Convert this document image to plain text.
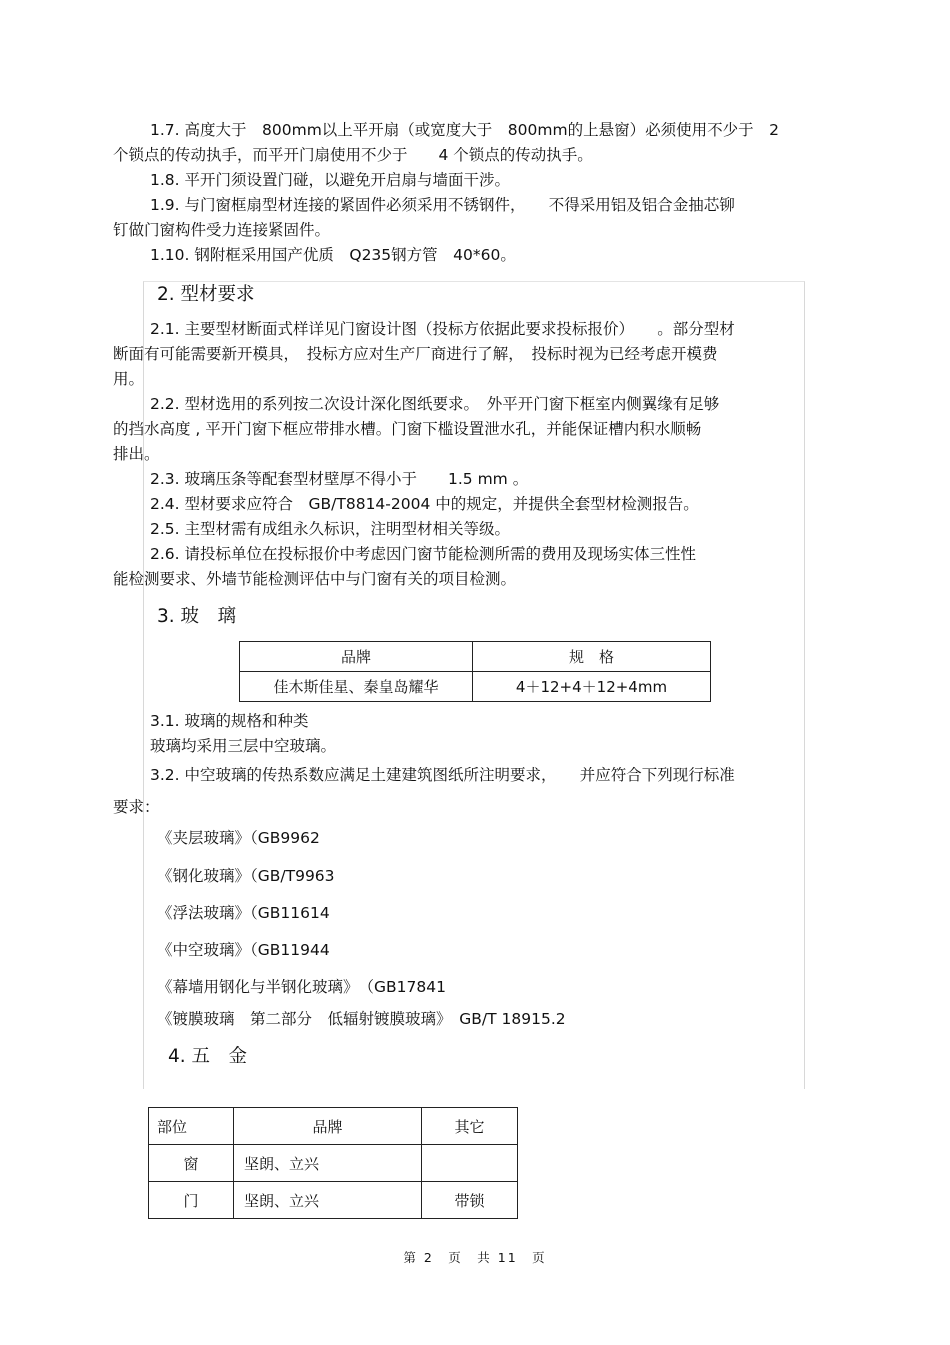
1.7. 高度大于　800mm以上平开扇（或宽度大于　800mm的上悬窗）必须使用不少于　2
个锁点的传动执手，而平开门扇使用不少于　　4 个锁点的传动执手。
1.8. 平开门须设置门碰，以避免开启扇与墙面干涉。
1.9. 与门窗框扇型材连接的紧固件必须采用不锈钢件，　　不得采用铝及铝合金抽芯铆
钉做门窗构件受力连接紧固件。
1.10. 钢附框采用国产优质　Q235钢方管　40*60。
2. 型材要求
2.1. 主要型材断面式样详见门窗设计图（投标方依据此要求投标报价）　　。部分型材
断面有可能需要新开模具，　投标方应对生产厂商进行了解，　投标时视为已经考虑开模费
用。
2.2. 型材选用的系列按二次设计深化图纸要求。　外平开门窗下框室内侧翼缘有足够
的挡水高度 , 平开门窗下框应带排水槽。门窗下槛设置泄水孔，并能保证槽内积水顺畅
排出。
2.3. 玻璃压条等配套型材壁厚不得小于　　1.5 mm 。
2.4. 型材要求应符合　GB/T8814-2004 中的规定，并提供全套型材检测报告。
2.5. 主型材需有成组永久标识，注明型材相关等级。
2.6. 请投标单位在投标报价中考虑因门窗节能检测所需的费用及现场实体三性性
能检测要求、外墙节能检测评估中与门窗有关的项目检测。
3. 玻　璃
品牌	规　格
佳木斯佳星、秦皇岛耀华	4＋12+4＋12+4mm
3.1. 玻璃的规格和种类
玻璃均采用三层中空玻璃。
3.2. 中空玻璃的传热系数应满足土建建筑图纸所注明要求，　　并应符合下列现行标准
要求：
《夹层玻璃》（GB9962
《钢化玻璃》（GB/T9963
《浮法玻璃》（GB11614
《中空玻璃》（GB11944
《幕墙用钢化与半钢化玻璃》　（GB17841
《镀膜玻璃　第二部分　低辐射镀膜玻璃》　GB/T 18915.2
4. 五　金
部位	品牌	其它
窗	坚朗、立兴	
门	坚朗、立兴	带锁
第 2　页　共 11　页
